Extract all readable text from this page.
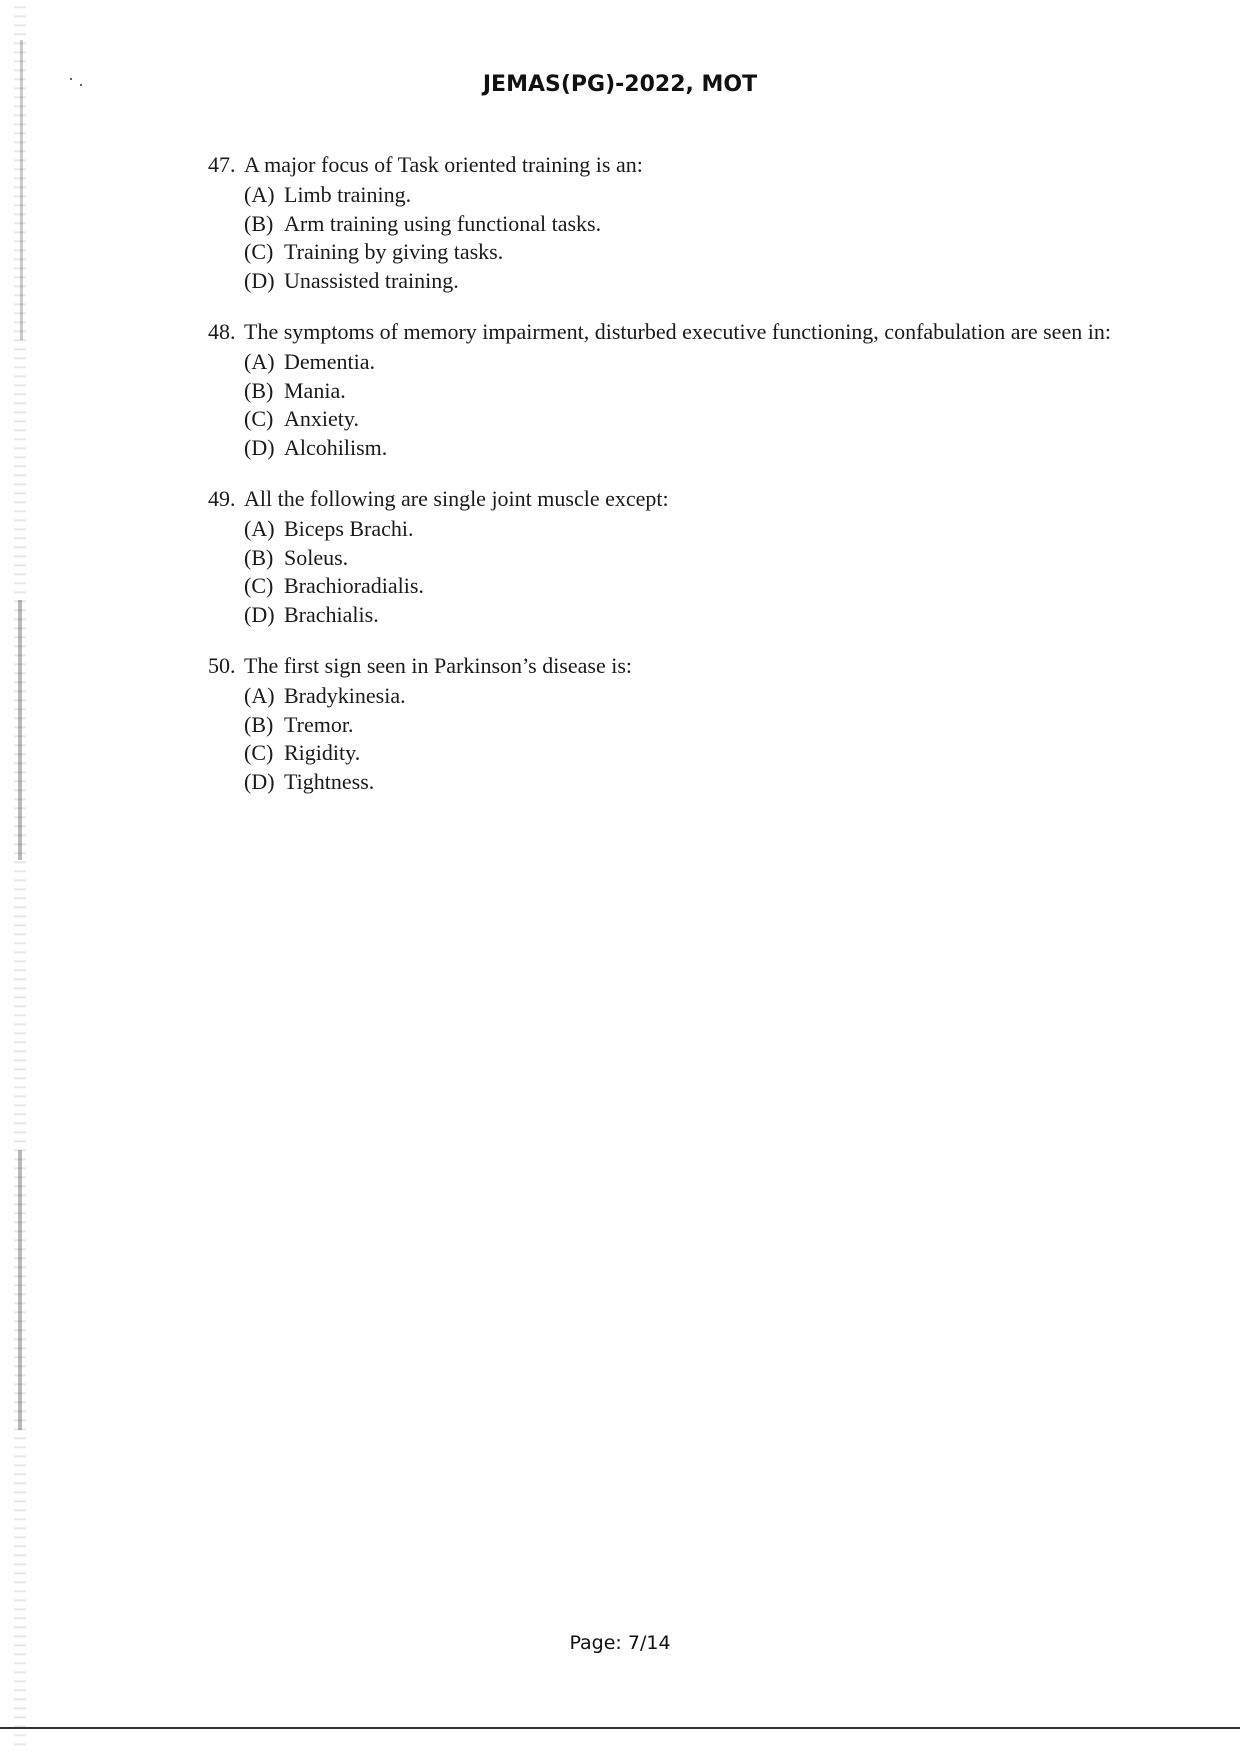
JEMAS(PG)-2022, MOT
47. A major focus of Task oriented training is an:
(A) Limb training.
(B) Arm training using functional tasks.
(C) Training by giving tasks.
(D) Unassisted training.
48. The symptoms of memory impairment, disturbed executive functioning, confabulation are seen in:
(A) Dementia.
(B) Mania.
(C) Anxiety.
(D) Alcohilism.
49. All the following are single joint muscle except:
(A) Biceps Brachi.
(B) Soleus.
(C) Brachioradialis.
(D) Brachialis.
50. The first sign seen in Parkinson’s disease is:
(A) Bradykinesia.
(B) Tremor.
(C) Rigidity.
(D) Tightness.
Page: 7/14
